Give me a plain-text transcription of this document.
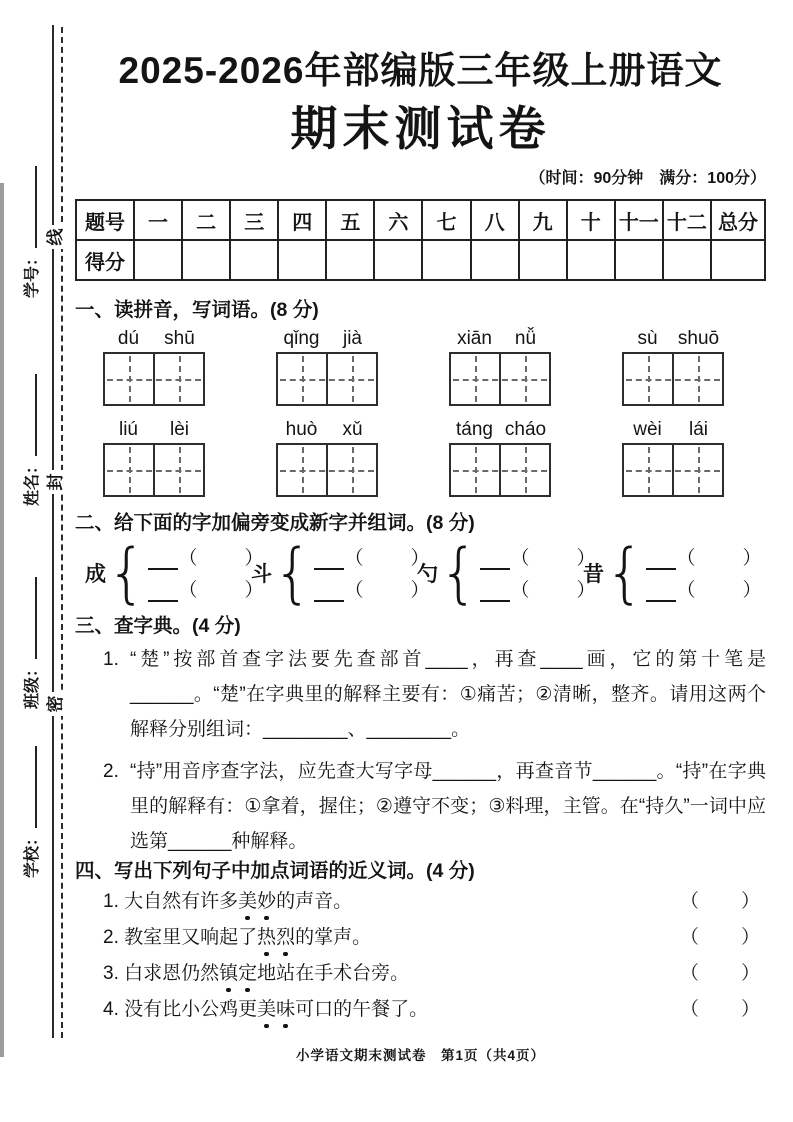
学号：
姓名：
班级：
学校：
线
封
密
2025-2026年部编版三年级上册语文
期末测试卷
（时间：90分钟　满分：100分）
题号	一	二	三	四	五	六	七	八	九	十	十一	十二	总分
得分													
一、读拼音，写词语。(8 分)
dú	shū	qǐng	jià	xiān	nǚ	sù	shuō
liú	lèi	huò	xǔ	táng cháo	wèi	lái
二、给下面的字加偏旁变成新字并组词。(8 分)
成 { （ ）
（ ）
斗 { （ ）
（ ）
勺 { （ ）
（ ）
昔 { （ ）
（ ）
三、查字典。(4 分)
1. “楚”按部首查字法要先查部首____，再查____画，它的第十笔是______。“楚”在字典里的解释主要有：①痛苦；②清晰，整齐。请用这两个解释分别组词：________、________。
2. “持”用音序查字法，应先查大写字母______，再查音节______。“持”在字典里的解释有：①拿着，握住；②遵守不变；③料理，主管。在“持久”一词中应选第______种解释。
四、写出下列句子中加点词语的近义词。(4 分)
1. 大自然有许多美妙的声音。	（ ）
2. 教室里又响起了热烈的掌声。	（ ）
3. 白求恩仍然镇定地站在手术台旁。	（ ）
4. 没有比小公鸡更美味可口的午餐了。	（ ）
小学语文期末测试卷　第1页（共4页）
